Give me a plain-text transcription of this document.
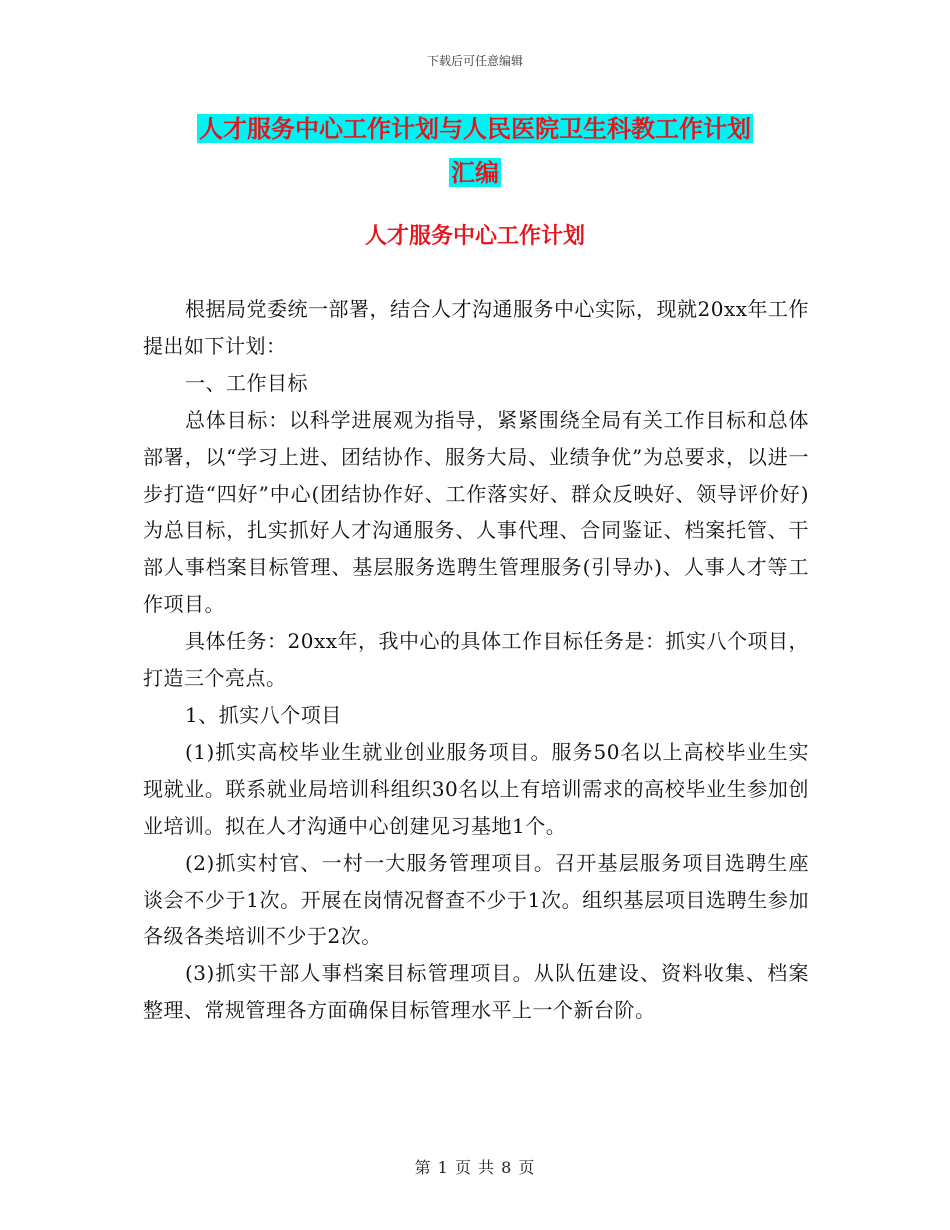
下载后可任意编辑
人才服务中心工作计划与人民医院卫生科教工作计划
汇编
人才服务中心工作计划

根据局党委统一部署，结合人才沟通服务中心实际，现就20xx年工作提出如下计划：

一、工作目标

总体目标：以科学进展观为指导，紧紧围绕全局有关工作目标和总体部署，以“学习上进、团结协作、服务大局、业绩争优”为总要求，以进一步打造“四好”中心(团结协作好、工作落实好、群众反映好、领导评价好)为总目标，扎实抓好人才沟通服务、人事代理、合同鉴证、档案托管、干部人事档案目标管理、基层服务选聘生管理服务(引导办)、人事人才等工作项目。

具体任务：20xx年，我中心的具体工作目标任务是：抓实八个项目，打造三个亮点。

1、抓实八个项目

(1)抓实高校毕业生就业创业服务项目。服务50名以上高校毕业生实现就业。联系就业局培训科组织30名以上有培训需求的高校毕业生参加创业培训。拟在人才沟通中心创建见习基地1个。

(2)抓实村官、一村一大服务管理项目。召开基层服务项目选聘生座谈会不少于1次。开展在岗情况督查不少于1次。组织基层项目选聘生参加各级各类培训不少于2次。

(3)抓实干部人事档案目标管理项目。从队伍建设、资料收集、档案整理、常规管理各方面确保目标管理水平上一个新台阶。

第 1 页 共 8 页
